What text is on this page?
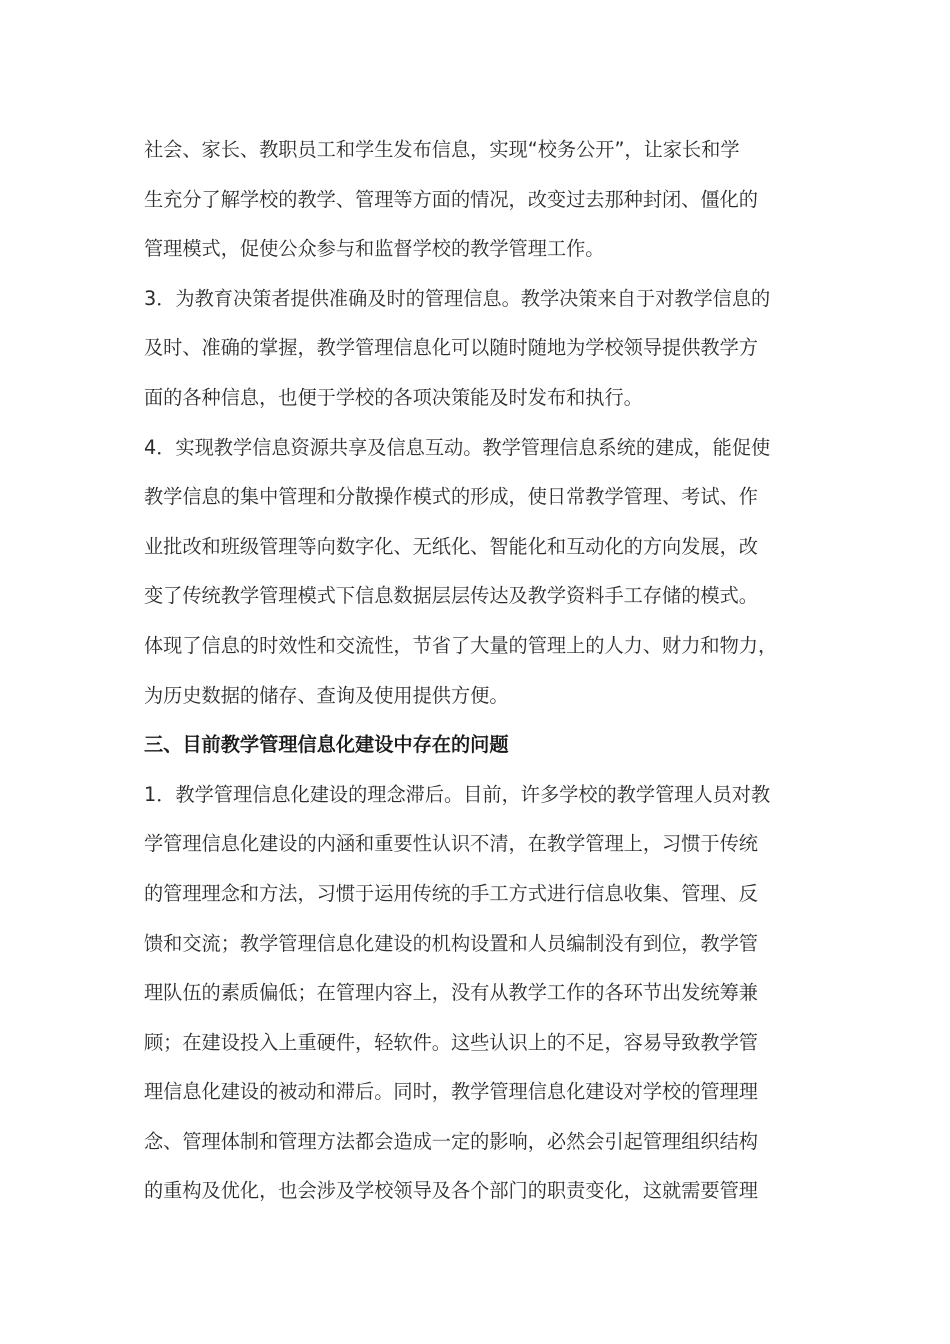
社会、家长、教职员工和学生发布信息，实现“校务公开”，让家长和学
生充分了解学校的教学、管理等方面的情况，改变过去那种封闭、僵化的
管理模式，促使公众参与和监督学校的教学管理工作。
3．为教育决策者提供准确及时的管理信息。教学决策来自于对教学信息的
及时、准确的掌握，教学管理信息化可以随时随地为学校领导提供教学方
面的各种信息，也便于学校的各项决策能及时发布和执行。
4．实现教学信息资源共享及信息互动。教学管理信息系统的建成，能促使
教学信息的集中管理和分散操作模式的形成，使日常教学管理、考试、作
业批改和班级管理等向数字化、无纸化、智能化和互动化的方向发展，改
变了传统教学管理模式下信息数据层层传达及教学资料手工存储的模式。
体现了信息的时效性和交流性，节省了大量的管理上的人力、财力和物力，
为历史数据的储存、查询及使用提供方便。
三、目前教学管理信息化建设中存在的问题
1．教学管理信息化建设的理念滞后。目前，许多学校的教学管理人员对教
学管理信息化建设的内涵和重要性认识不清，在教学管理上，习惯于传统
的管理理念和方法，习惯于运用传统的手工方式进行信息收集、管理、反
馈和交流；教学管理信息化建设的机构设置和人员编制没有到位，教学管
理队伍的素质偏低；在管理内容上，没有从教学工作的各环节出发统筹兼
顾；在建设投入上重硬件，轻软件。这些认识上的不足，容易导致教学管
理信息化建设的被动和滞后。同时，教学管理信息化建设对学校的管理理
念、管理体制和管理方法都会造成一定的影响，必然会引起管理组织结构
的重构及优化，也会涉及学校领导及各个部门的职责变化，这就需要管理
